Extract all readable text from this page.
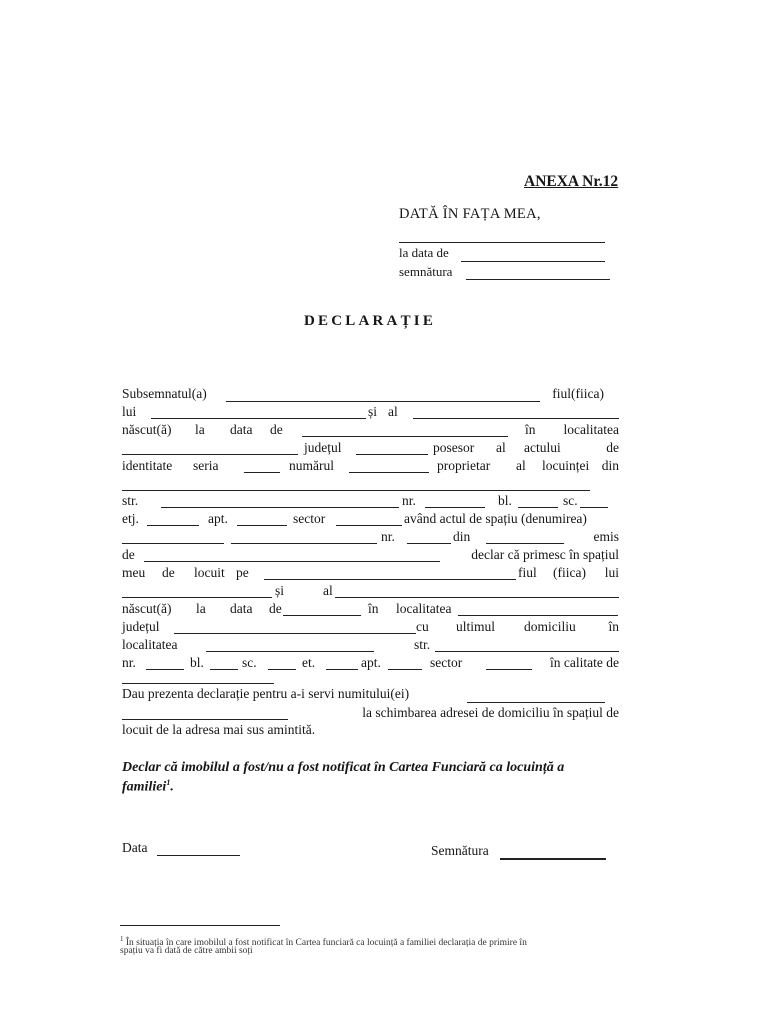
ANEXA Nr.12
DATĂ ÎN FAȚA MEA,
la data de
semnătura
DECLARAȚIE
Subsemnatul(a)	fiul(fiica)
lui	și al
născut(ă) la data de	în localitatea
județul	posesor al actului	de
identitate seria	numărul	proprietar al locuinței din
str.	nr.	bl.	sc.
etj.	apt.	sector	având actul de spațiu (denumirea)
nr.	din	emis
de	declar că primesc în spațiul
meu de locuit pe	fiul (fiica) lui
și	al
născut(ă) la data de	în localitatea
județul	cu ultimul domiciliu în
localitatea	str.
nr.	bl.	sc.	et.	apt.	sector	în calitate de
Dau prezenta declarație pentru a-i servi numitului(ei)
la schimbarea adresei de domiciliu în spațiul de
locuit de la adresa mai sus amintită.
Declar că imobilul a fost/nu a fost notificat în Cartea Funciară ca locuință a
familiei$^1$.
Data	Semnătura
$^1$ În situația în care imobilul a fost notificat în Cartea funciară ca locuință a familiei declarația de primire în
spațiu va fi dată de către ambii soți
